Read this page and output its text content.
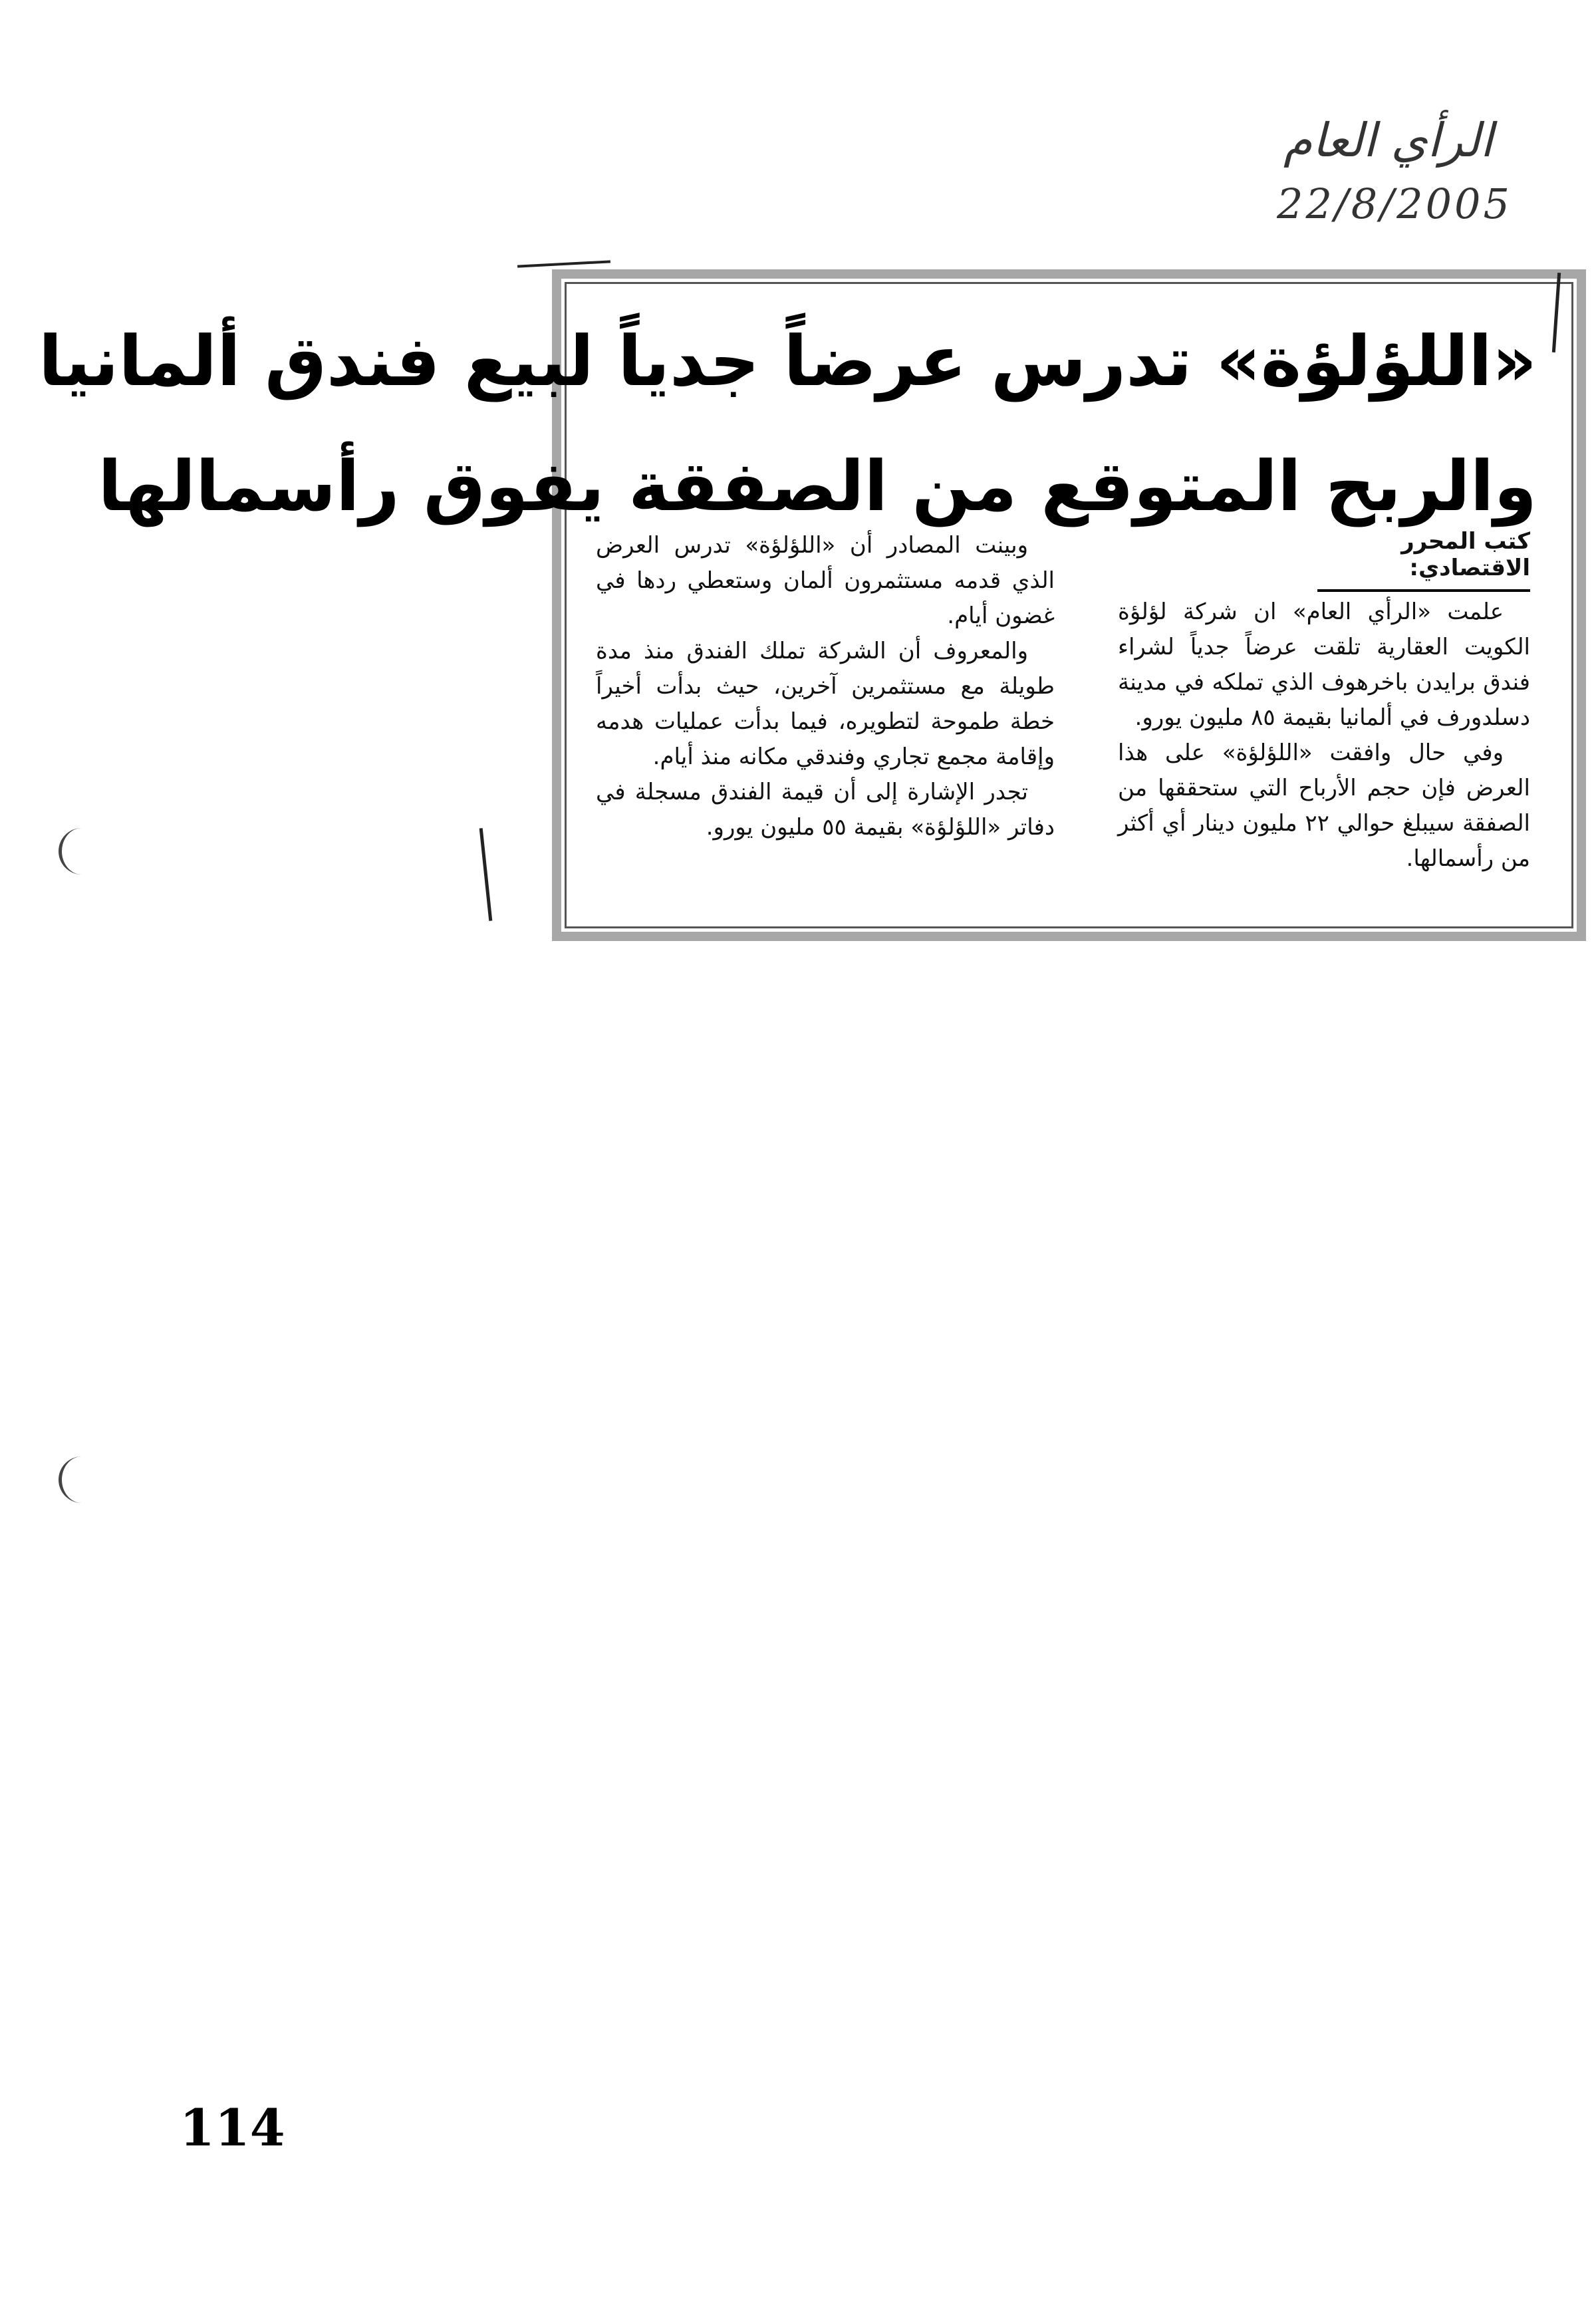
الرأي العام
22/8/2005
«اللؤلؤة» تدرس عرضاً جدياً لبيع فندق ألمانيا
والربح المتوقع من الصفقة يفوق رأسمالها
كتب المحرر الاقتصادي:

علمت «الرأي العام» ان شركة لؤلؤة الكويت العقارية تلقت عرضاً جدياً لشراء فندق برايدن باخرهوف الذي تملكه في مدينة دسلدورف في ألمانيا بقيمة ٨٥ مليون يورو.

وفي حال وافقت «اللؤلؤة» على هذا العرض فإن حجم الأرباح التي ستحققها من الصفقة سيبلغ حوالي ٢٢ مليون دينار أي أكثر من رأسمالها.

وبينت المصادر أن «اللؤلؤة» تدرس العرض الذي قدمه مستثمرون ألمان وستعطي ردها في غضون أيام.

والمعروف أن الشركة تملك الفندق منذ مدة طويلة مع مستثمرين آخرين، حيث بدأت أخيراً خطة طموحة لتطويره، فيما بدأت عمليات هدمه وإقامة مجمع تجاري وفندقي مكانه منذ أيام.

تجدر الإشارة إلى أن قيمة الفندق مسجلة في دفاتر «اللؤلؤة» بقيمة ٥٥ مليون يورو.

114
